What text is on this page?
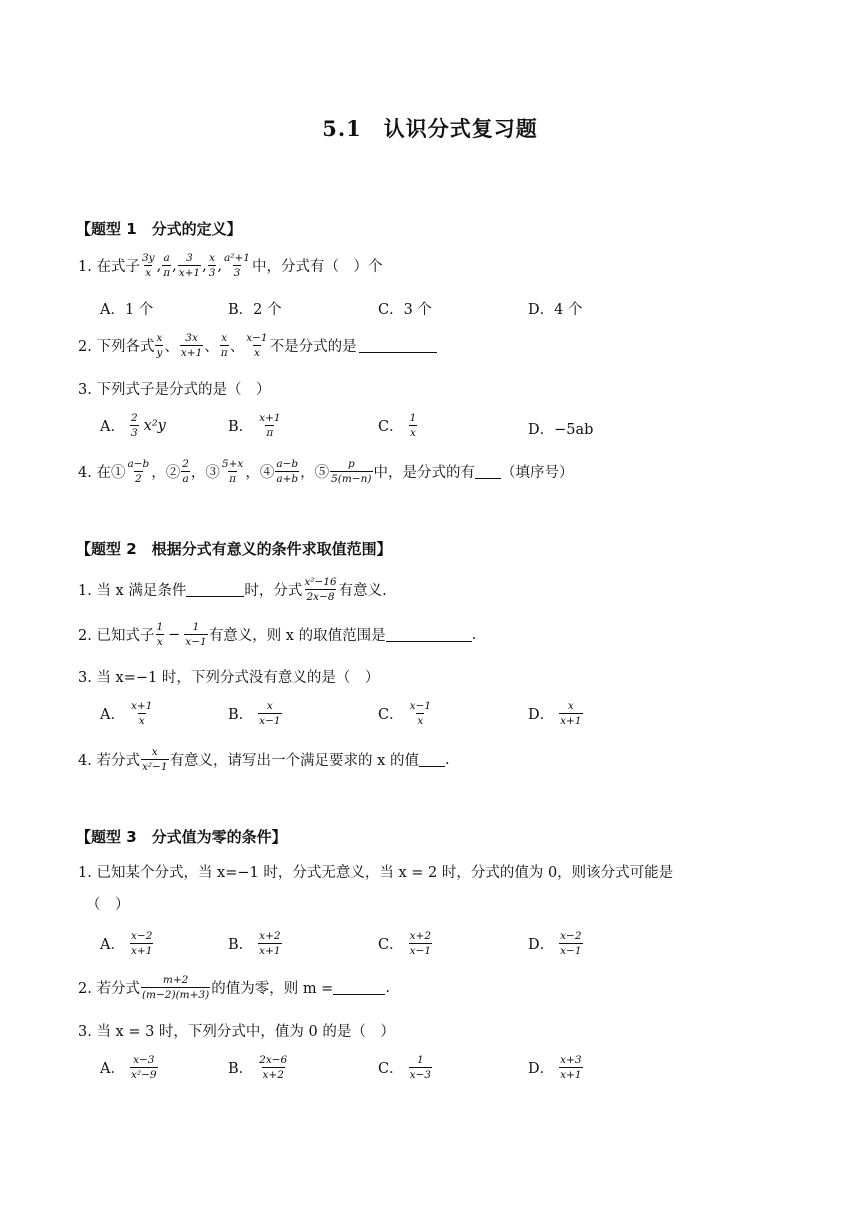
5.1　认识分式复习题
【题型 1　分式的定义】
1. 在式子 $\frac{3y}{x}$ , $\frac{a}{\pi}$ , $\frac{3}{x+1}$ , $\frac{x}{3}$ , $\frac{\text{a²+1}}{3}$ 中，分式有（　）个
A．1 个	B．2 个	C．3 个	D．4 个
2. 下列各式 $\frac{x}{y}$ 、 $\frac{3x}{x+1}$ 、 $\frac{x}{\pi}$ 、 $\frac{x-1}{x}$ 不是分式的是
3. 下列式子是分式的是（　）
A． $\frac{2}{3} x^2y$	B． $\frac{x+1}{\pi}$	C． $\frac{1}{x}$	D．−5ab
4. 在① $\frac{a-b}{2}$ ，② $\frac{2}{a}$ ，③ $\frac{5+x}{\pi}$ ，④ $\frac{a-b}{a+b}$ ，⑤ $\frac{p}{5(m-n)}$ 中，是分式的有 （填序号）
【题型 2　根据分式有意义的条件求取值范围】
1. 当 x 满足条件	时，分式 $\frac{\text{x²−16}}{2x-8}$ 有意义.
2. 已知式子 $\frac{1}{x} - \frac{1}{x-1}$ 有意义，则 x 的取值范围是	.
3. 当 x=−1 时，下列分式没有意义的是（　）
A． $\frac{x+1}{x}$	B． $\frac{x}{x-1}$	C． $\frac{x-1}{x}$	D． $\frac{x}{x+1}$
4. 若分式 $\frac{x}{\text{x²−1}}$ 有意义，请写出一个满足要求的 x 的值 .
【题型 3　分式值为零的条件】
1. 已知某个分式，当 x=−1 时，分式无意义，当 x = 2 时，分式的值为 0，则该分式可能是
（　）
A． $\frac{x-2}{x+1}$	B． $\frac{x+2}{x+1}$	C． $\frac{x+2}{x-1}$	D． $\frac{x-2}{x-1}$
2. 若分式 $\frac{m+2}{(m-2)(m+3)}$ 的值为零，则 m =	.
3. 当 x = 3 时，下列分式中，值为 0 的是（　）
A． $\frac{x-3}{\text{x²−9}}$	B． $\frac{2x-6}{x+2}$	C． $\frac{1}{x-3}$	D． $\frac{x+3}{x+1}$
